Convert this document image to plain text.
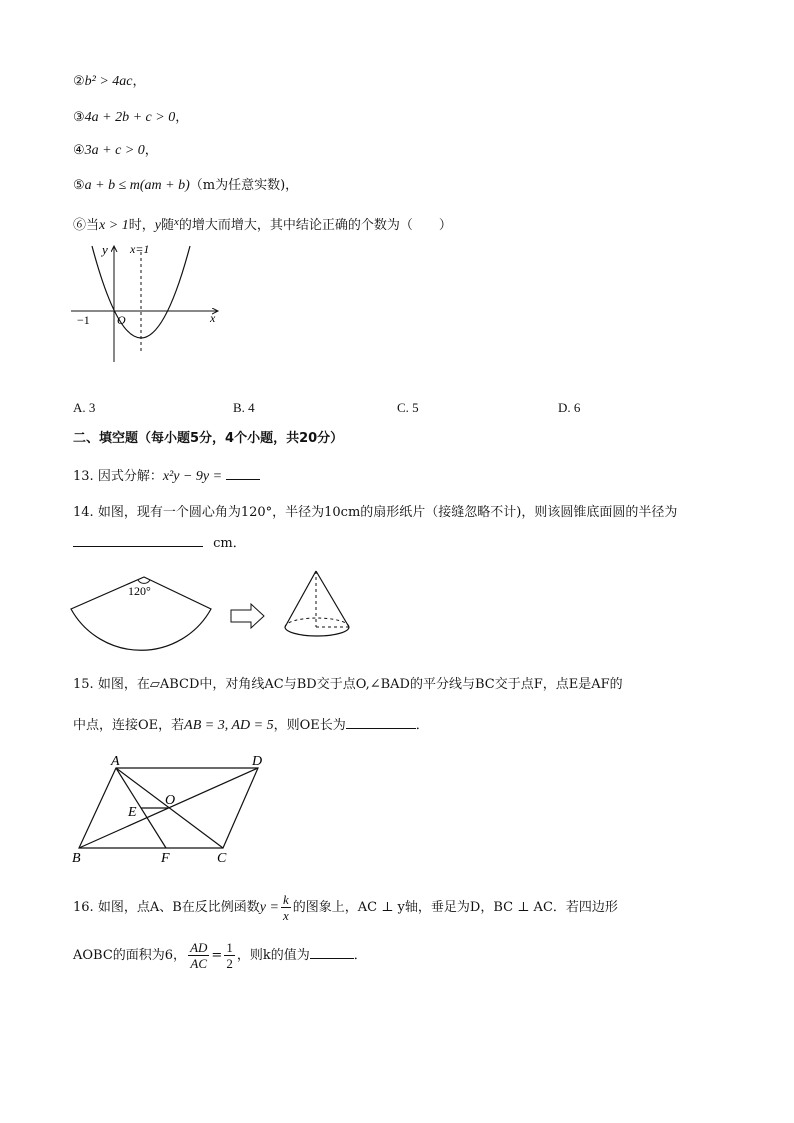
②b² > 4ac，
③4a + 2b + c > 0，
④3a + c > 0，
⑤a + b ≤ m(am + b)（m为任意实数)，
⑥当x > 1时，y随$^x$的增大而增大，其中结论正确的个数为（　　）
y x=1
−1 O	x
A. 3	B. 4	C. 5	D. 6
二、填空题（每小题5分，4个小题，共20分）
13. 因式分解：x²y − 9y =
14. 如图，现有一个圆心角为120°，半径为10cm的扇形纸片（接缝忽略不计)，则该圆锥底面圆的半径为
cm．
120°
15. 如图，在▱ABCD中，对角线AC与BD交于点O,∠BAD的平分线与BC交于点F，点E是AF的
中点，连接OE，若AB = 3, AD = 5，则OE长为	．
A	D
O
E
B	F	C
16. 如图，点A、B在反比例函数$y = \frac{k}{x}$ 的图象上，AC ⊥ y轴，垂足为D，BC ⊥ AC．若四边形
AOBC的面积为6， $\frac{AD}{AC} = \frac{1}{2}$ ，则k的值为	．
